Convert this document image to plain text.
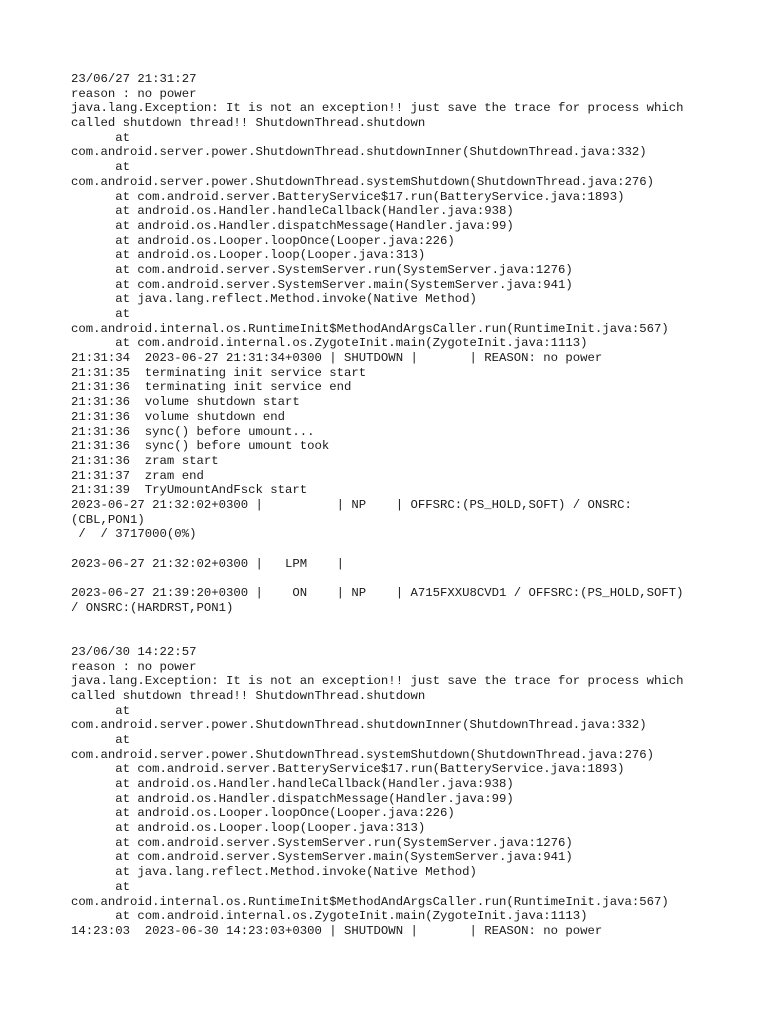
23/06/27 21:31:27
reason : no power
java.lang.Exception: It is not an exception!! just save the trace for process which
called shutdown thread!! ShutdownThread.shutdown
at
com.android.server.power.ShutdownThread.shutdownInner(ShutdownThread.java:332)
at
com.android.server.power.ShutdownThread.systemShutdown(ShutdownThread.java:276)
at com.android.server.BatteryService$17.run(BatteryService.java:1893)
at android.os.Handler.handleCallback(Handler.java:938)
at android.os.Handler.dispatchMessage(Handler.java:99)
at android.os.Looper.loopOnce(Looper.java:226)
at android.os.Looper.loop(Looper.java:313)
at com.android.server.SystemServer.run(SystemServer.java:1276)
at com.android.server.SystemServer.main(SystemServer.java:941)
at java.lang.reflect.Method.invoke(Native Method)
at
com.android.internal.os.RuntimeInit$MethodAndArgsCaller.run(RuntimeInit.java:567)
at com.android.internal.os.ZygoteInit.main(ZygoteInit.java:1113)
21:31:34  2023-06-27 21:31:34+0300 | SHUTDOWN |       | REASON: no power
21:31:35  terminating init service start
21:31:36  terminating init service end
21:31:36  volume shutdown start
21:31:36  volume shutdown end
21:31:36  sync() before umount...
21:31:36  sync() before umount took
21:31:36  zram start
21:31:37  zram end
21:31:39  TryUmountAndFsck start
2023-06-27 21:32:02+0300 |          | NP    | OFFSRC:(PS_HOLD,SOFT) / ONSRC:
(CBL,PON1)
/  / 3717000(0%)
2023-06-27 21:32:02+0300 |   LPM    |
2023-06-27 21:39:20+0300 |    ON    | NP    | A715FXXU8CVD1 / OFFSRC:(PS_HOLD,SOFT)
/ ONSRC:(HARDRST,PON1)
23/06/30 14:22:57
reason : no power
java.lang.Exception: It is not an exception!! just save the trace for process which
called shutdown thread!! ShutdownThread.shutdown
at
com.android.server.power.ShutdownThread.shutdownInner(ShutdownThread.java:332)
at
com.android.server.power.ShutdownThread.systemShutdown(ShutdownThread.java:276)
at com.android.server.BatteryService$17.run(BatteryService.java:1893)
at android.os.Handler.handleCallback(Handler.java:938)
at android.os.Handler.dispatchMessage(Handler.java:99)
at android.os.Looper.loopOnce(Looper.java:226)
at android.os.Looper.loop(Looper.java:313)
at com.android.server.SystemServer.run(SystemServer.java:1276)
at com.android.server.SystemServer.main(SystemServer.java:941)
at java.lang.reflect.Method.invoke(Native Method)
at
com.android.internal.os.RuntimeInit$MethodAndArgsCaller.run(RuntimeInit.java:567)
at com.android.internal.os.ZygoteInit.main(ZygoteInit.java:1113)
14:23:03  2023-06-30 14:23:03+0300 | SHUTDOWN |       | REASON: no power
